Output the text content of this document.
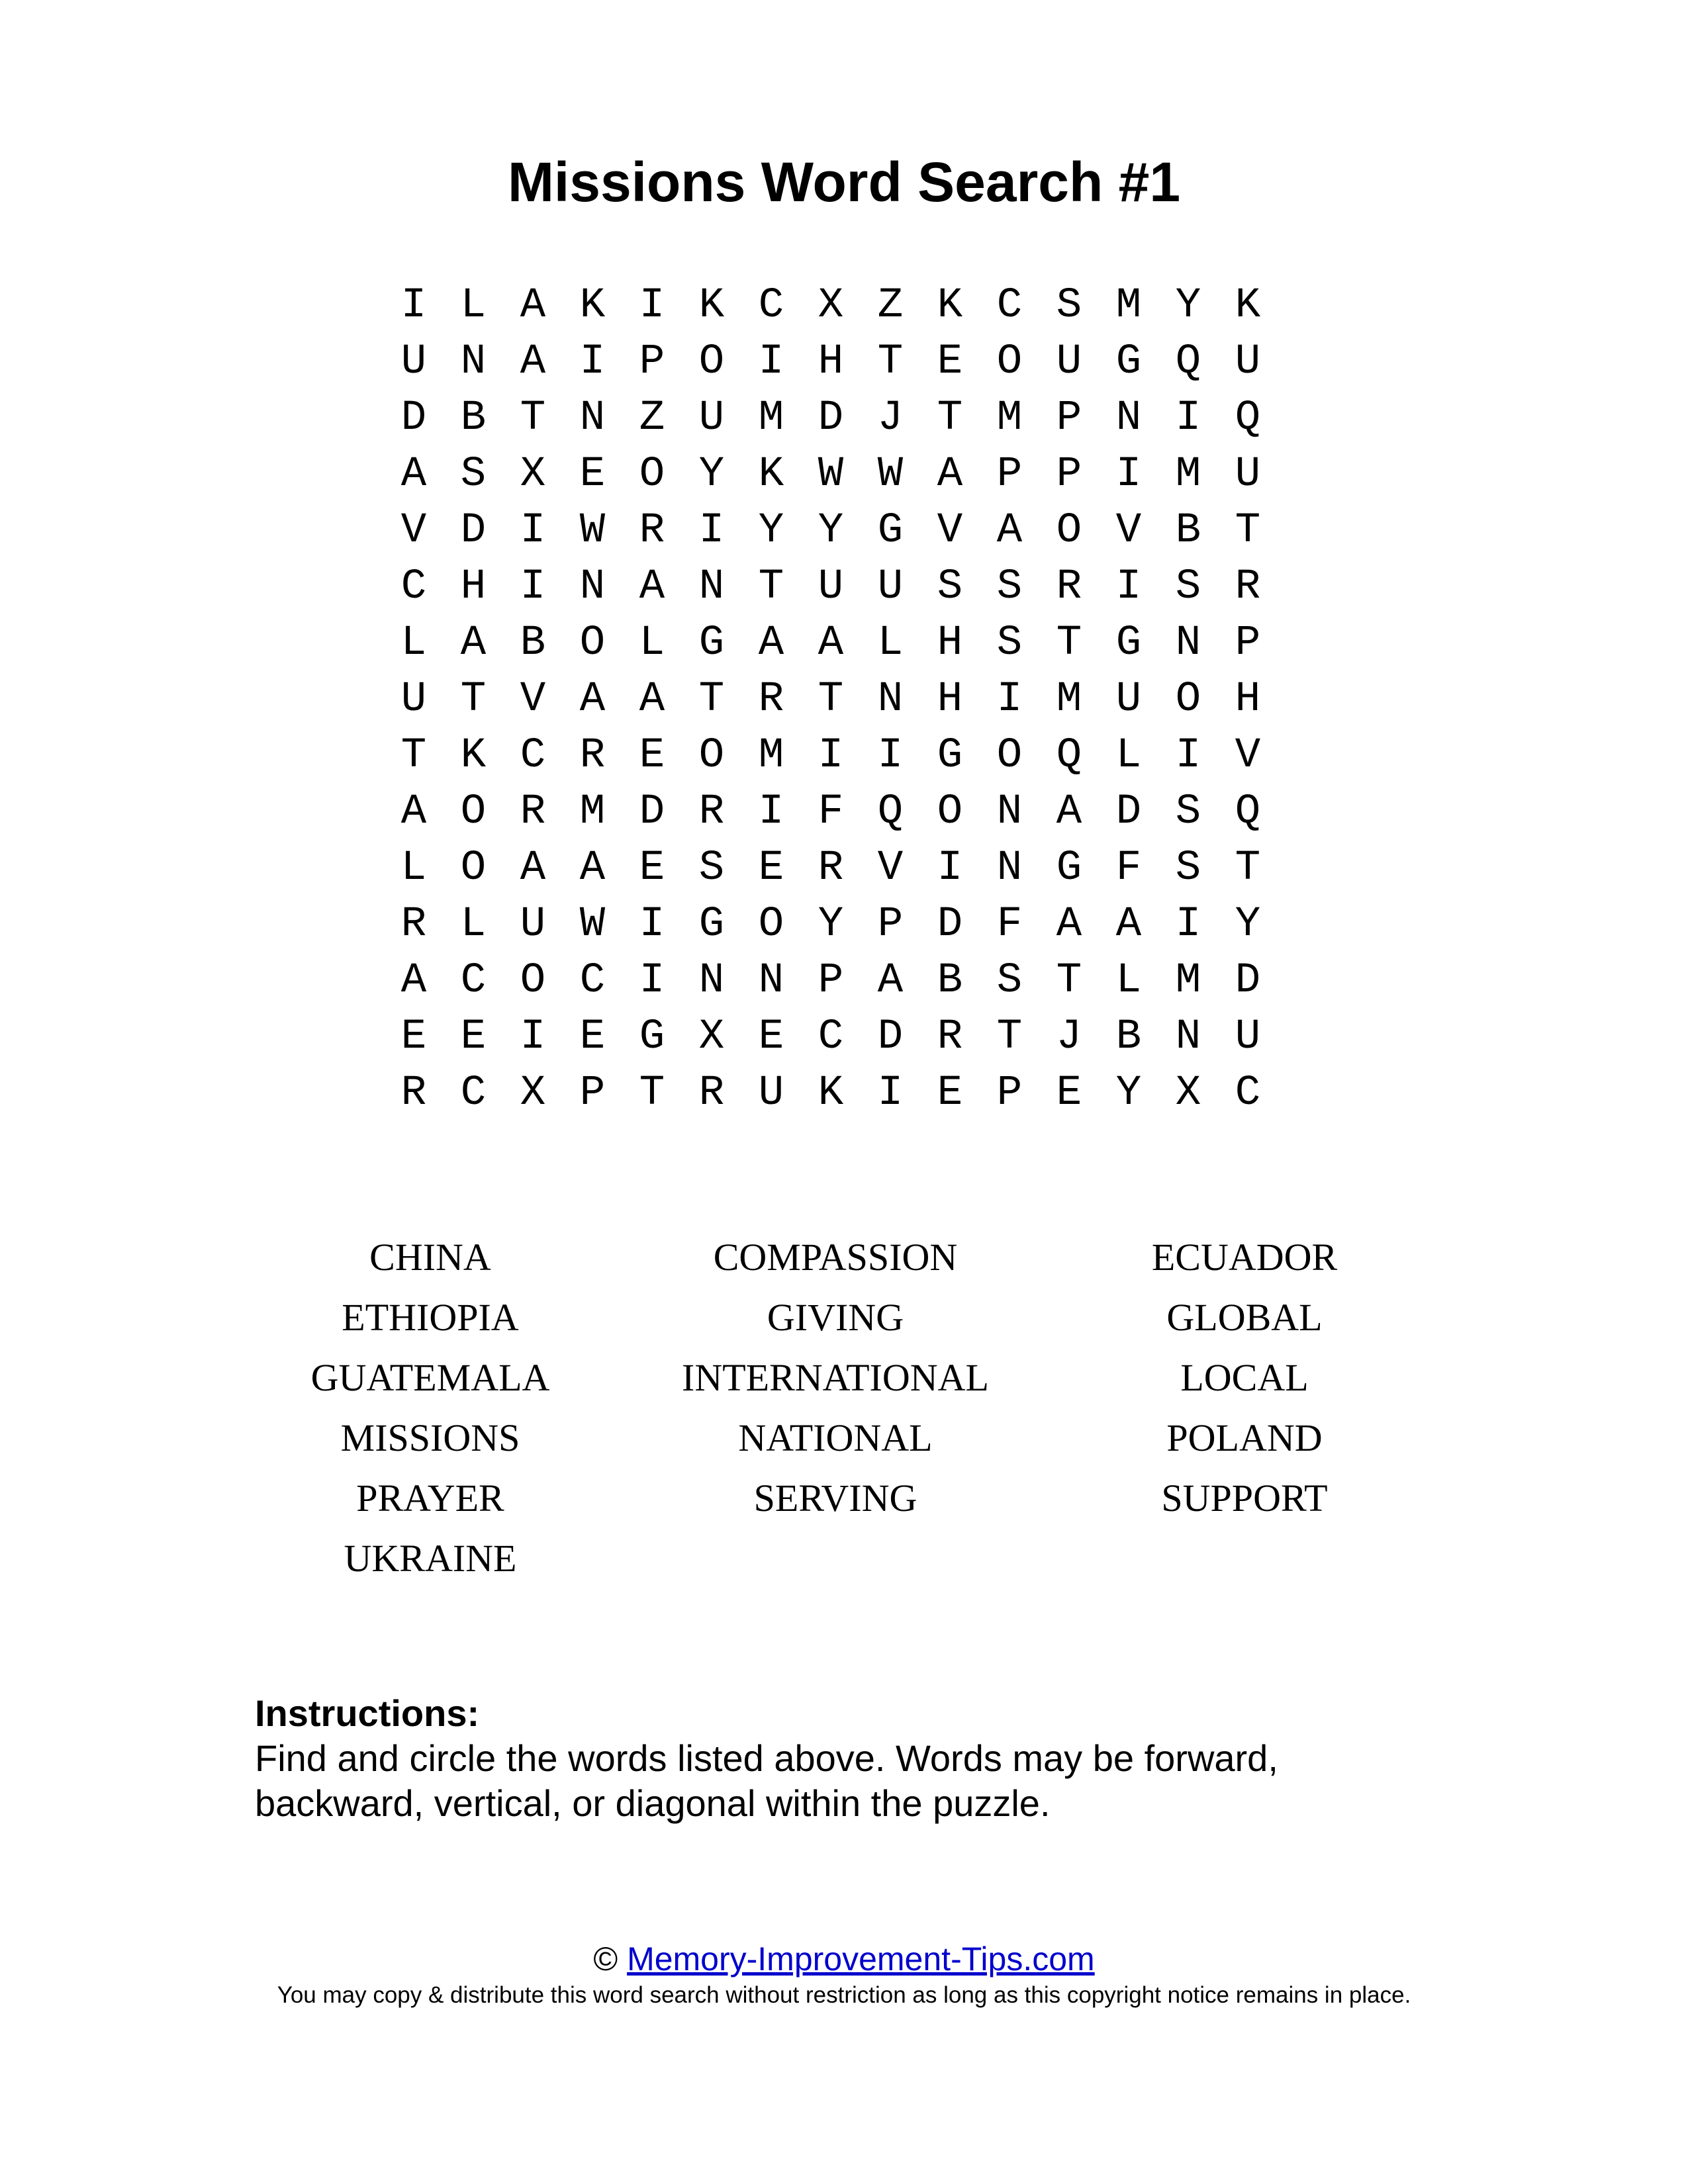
Missions Word Search #1
I L A K I K C X Z K C S M Y K
U N A I P O I H T E O U G Q U
D B T N Z U M D J T M P N I Q
A S X E O Y K W W A P P I M U
V D I W R I Y Y G V A O V B T
C H I N A N T U U S S R I S R
L A B O L G A A L H S T G N P
U T V A A T R T N H I M U O H
T K C R E O M I I G O Q L I V
A O R M D R I F Q O N A D S Q
L O A A E S E R V I N G F S T
R L U W I G O Y P D F A A I Y
A C O C I N N P A B S T L M D
E E I E G X E C D R T J B N U
R C X P T R U K I E P E Y X C
CHINA	COMPASSION	ECUADOR
ETHIOPIA	GIVING	GLOBAL
GUATEMALA	INTERNATIONAL	LOCAL
MISSIONS	NATIONAL	POLAND
PRAYER	SERVING	SUPPORT
UKRAINE
Instructions:
Find and circle the words listed above. Words may be forward,
backward, vertical, or diagonal within the puzzle.
© Memory-Improvement-Tips.com
You may copy & distribute this word search without restriction as long as this copyright notice remains in place.
